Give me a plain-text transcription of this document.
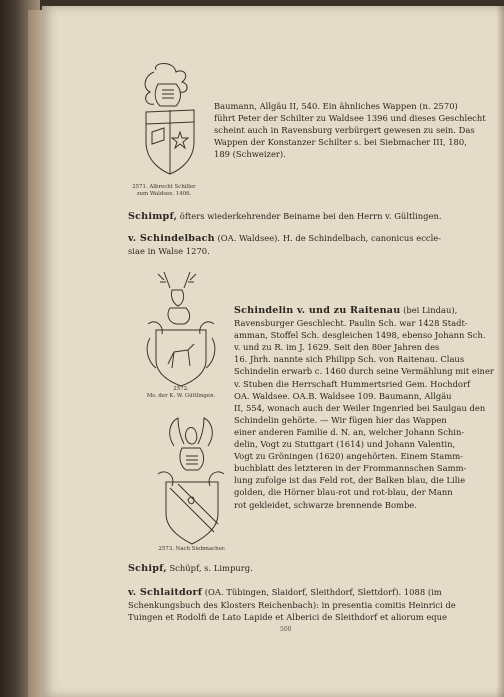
2571. Albrecht Schiller
zum Waldsee. 1406.
Baumann, Allgäu II, 540. Ein ähnliches Wappen (n. 2570)
führt Peter der Schilter zu Waldsee 1396 und dieses Geschlecht
scheint auch in Ravensburg verbürgert gewesen zu sein. Das
Wappen der Konstanzer Schilter s. bei Siebmacher III, 180,
189 (Schweizer).
Schimpf, öfters wiederkehrender Beiname bei den Herrn v. Gültlingen.
v. Schindelbach (OA. Waldsee). H. de Schindelbach, canonicus eccle-
siae in Walse 1270.
2572.
Ms. der K. W. Gültlingen.
2573. Nach Siebmacher.
Schindelin v. und zu Raitenau (bei Lindau),
Ravensburger Geschlecht. Paulin Sch. war 1428 Stadt-
amman, Stoffel Sch. desgleichen 1498, ebenso Johann Sch.
v. und zu R. im J. 1629. Seit den 80er Jahren des
16. Jhrh. nannte sich Philipp Sch. von Raitenau. Claus
Schindelin erwarb c. 1460 durch seine Vermählung mit einer
v. Stuben die Herrschaft Hummertsried Gem. Hochdorf
OA. Waldsee. OA.B. Waldsee 109. Baumann, Allgäu
II, 554, wonach auch der Weiler Ingenried bei Saulgau den
Schindelin gehörte. — Wir fügen hier das Wappen
einer anderen Familie d. N. an, welcher Johann Schin-
delin, Vogt zu Stuttgart (1614) und Johann Valentin,
Vogt zu Gröningen (1620) angehörten. Einem Stamm-
buchblatt des letzteren in der Frommannschen Samm-
lung zufolge ist das Feld rot, der Balken blau, die Lilie
golden, die Hörner blau-rot und rot-blau, der Mann
rot gekleidet, schwarze brennende Bombe.
Schipf, Schüpf, s. Limpurg.
v. Schlaitdorf (OA. Tübingen, Slaidorf, Sleithdorf, Slettdorf). 1088 (im
Schenkungsbuch des Klosters Reichenbach): in presentia comitis Heinrici de
Tuingen et Rodolfi de Lato Lapide et Alberici de Sleithdorf et aliorum eque
500
